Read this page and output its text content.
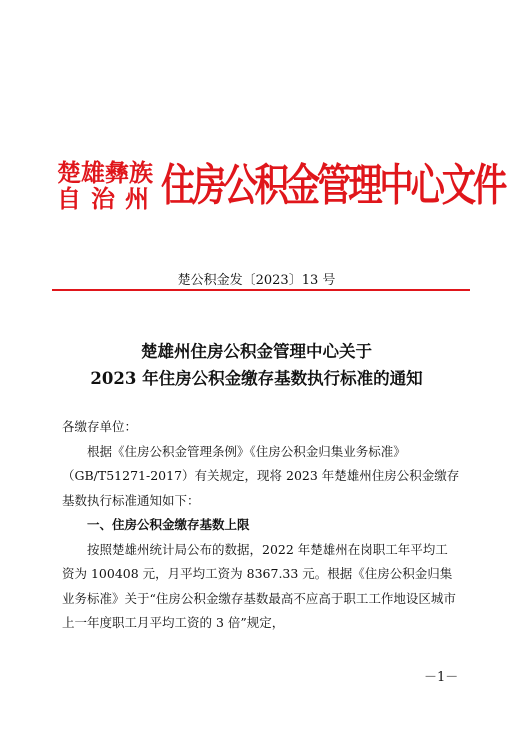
楚雄彝族
自治州 住房公积金管理中心文件
楚公积金发〔2023〕13 号
楚雄州住房公积金管理中心关于
2023 年住房公积金缴存基数执行标准的通知

各缴存单位：

根据《住房公积金管理条例》《住房公积金归集业务标准》（GB/T51271-2017）有关规定，现将 2023 年楚雄州住房公积金缴存基数执行标准通知如下：

一、住房公积金缴存基数上限

按照楚雄州统计局公布的数据，2022 年楚雄州在岗职工年平均工资为 100408 元，月平均工资为 8367.33 元。根据《住房公积金归集业务标准》关于“住房公积金缴存基数最高不应高于职工工作地设区城市上一年度职工月平均工资的 3 倍”规定，

－1－
